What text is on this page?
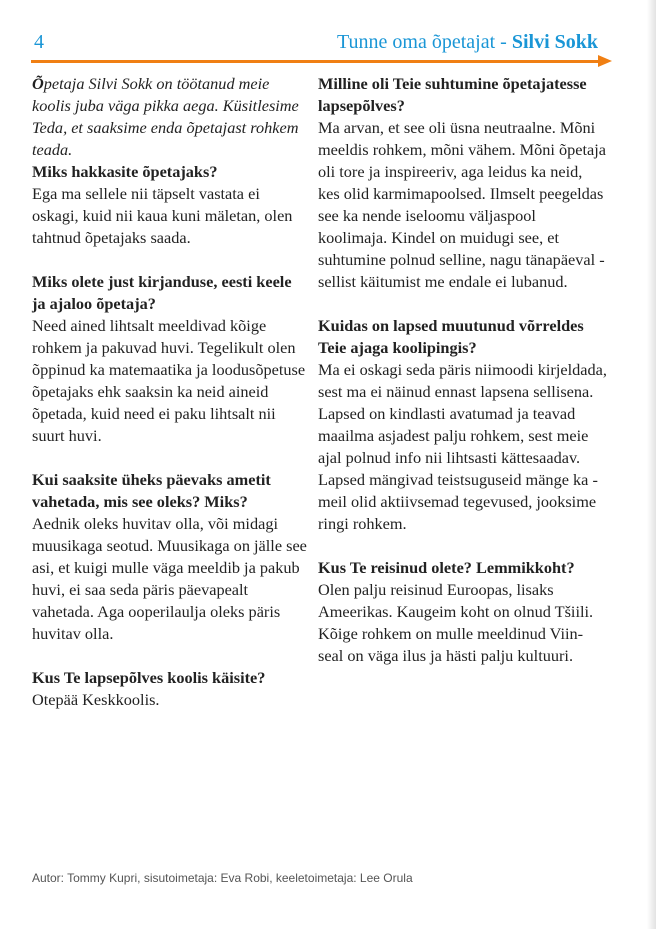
4	Tunne oma õpetajat - Silvi Sokk

Õpetaja Silvi Sokk on töötanud meie koolis juba väga pikka aega. Küsitlesime Teda, et saaksime enda õpetajast rohkem teada.

Miks hakkasite õpetajaks?

Ega ma sellele nii täpselt vastata ei oskagi, kuid nii kaua kuni mäletan, olen tahtnud õpetajaks saada.

Miks olete just kirjanduse, eesti keele ja ajaloo õpetaja?

Need ained lihtsalt meeldivad kõige rohkem ja pakuvad huvi. Tegelikult olen õppinud ka matemaatika ja loodusõpetuse õpetajaks ehk saaksin ka neid aineid õpetada, kuid need ei paku lihtsalt nii suurt huvi.

Kui saaksite üheks päevaks ametit vahetada, mis see oleks? Miks?

Aednik oleks huvitav olla, või midagi muusikaga seotud. Muusikaga on jälle see asi, et kuigi mulle väga meeldib ja pakub huvi, ei saa seda päris päevapealt vahetada. Aga ooperilaulja oleks päris huvitav olla.

Kus Te lapsepõlves koolis käisite?

Otepää Keskkoolis.

Milline oli Teie suhtumine õpetajatesse lapsepõlves?

Ma arvan, et see oli üsna neutraalne. Mõni meeldis rohkem, mõni vähem. Mõni õpetaja oli tore ja inspireeriv, aga leidus ka neid, kes olid karmimapoolsed. Ilmselt peegeldas see ka nende iseloomu väljaspool koolimaja. Kindel on muidugi see, et suhtumine polnud selline, nagu tänapäeval - sellist käitumist me endale ei lubanud.

Kuidas on lapsed muutunud võrreldes Teie ajaga koolipingis?

Ma ei oskagi seda päris niimoodi kirjeldada, sest ma ei näinud ennast lapsena sellisena. Lapsed on kindlasti avatumad ja teavad maailma asjadest palju rohkem, sest meie ajal polnud info nii lihtsasti kättesaadav. Lapsed mängivad teistsuguseid mänge ka - meil olid aktiivsemad tegevused, jooksime ringi rohkem.

Kus Te reisinud olete? Lemmikkoht?

Olen palju reisinud Euroopas, lisaks Ameerikas. Kaugeim koht on olnud Tšiili. Kõige rohkem on mulle meeldinud Viin- seal on väga ilus ja hästi palju kultuuri.

Autor: Tommy Kupri, sisutoimetaja: Eva Robi, keeletoimetaja: Lee Orula
